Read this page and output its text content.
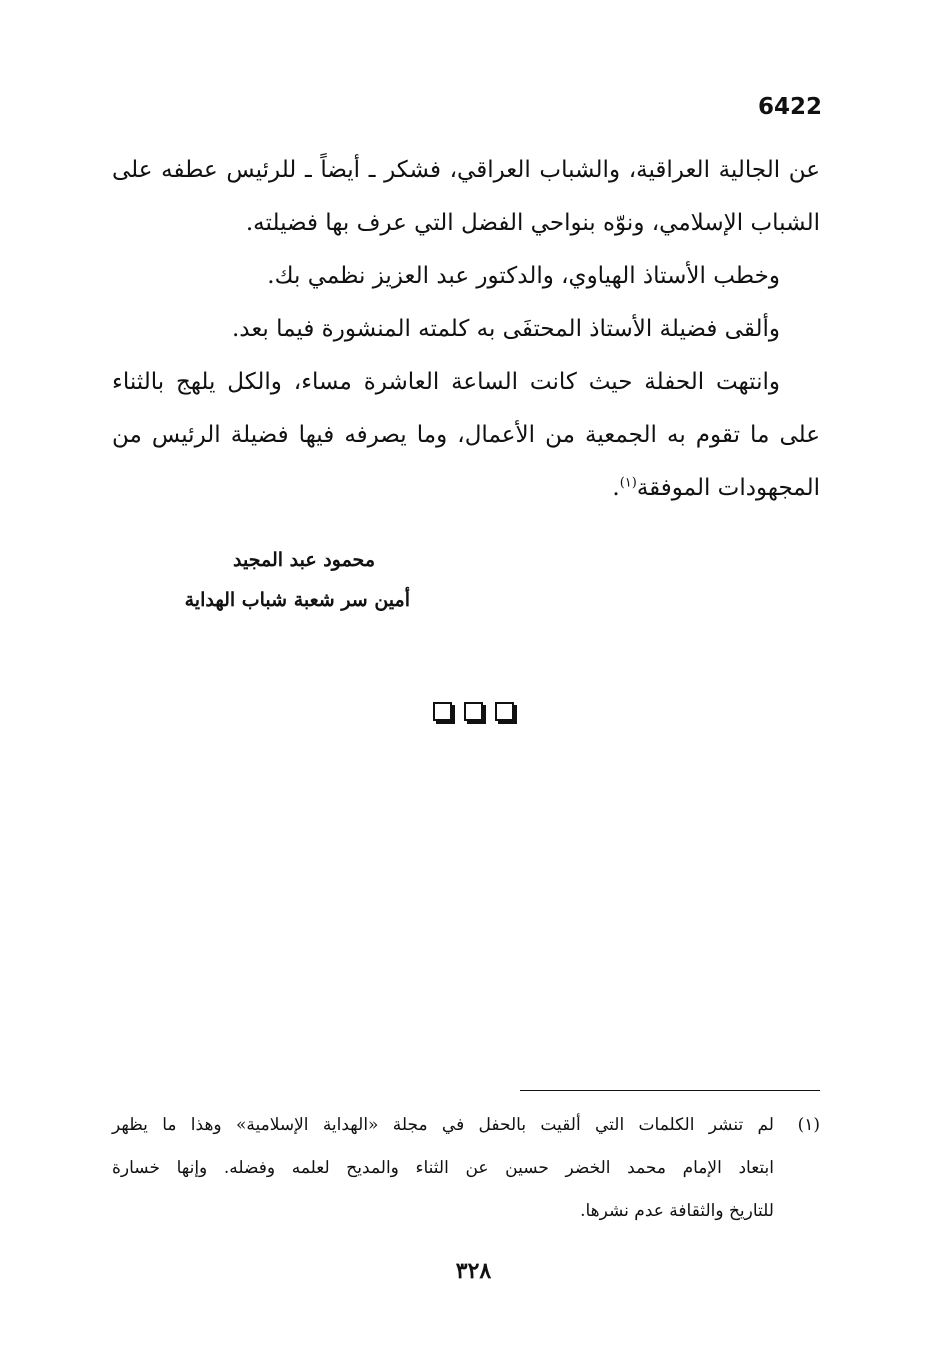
6422
عن الجالية العراقية، والشباب العراقي، فشكر ـ أيضاً ـ للرئيس عطفه على
الشباب الإسلامي، ونوّه بنواحي الفضل التي عرف بها فضيلته.
وخطب الأستاذ الهياوي، والدكتور عبد العزيز نظمي بك.
وألقى فضيلة الأستاذ المحتفَى به كلمته المنشورة فيما بعد.
وانتهت الحفلة حيث كانت الساعة العاشرة مساء، والكل يلهج بالثناء
على ما تقوم به الجمعية من الأعمال، وما يصرفه فيها فضيلة الرئيس من
المجهودات الموفقة$^{(١)}$.
محمود عبد المجيد
أمين سر شعبة شباب الهداية
(١)
لم تنشر الكلمات التي ألقيت بالحفل في مجلة «الهداية الإسلامية» وهذا ما يظهر
ابتعاد الإمام محمد الخضر حسين عن الثناء والمديح لعلمه وفضله. وإنها خسارة
للتاريخ والثقافة عدم نشرها.
٣٢٨
